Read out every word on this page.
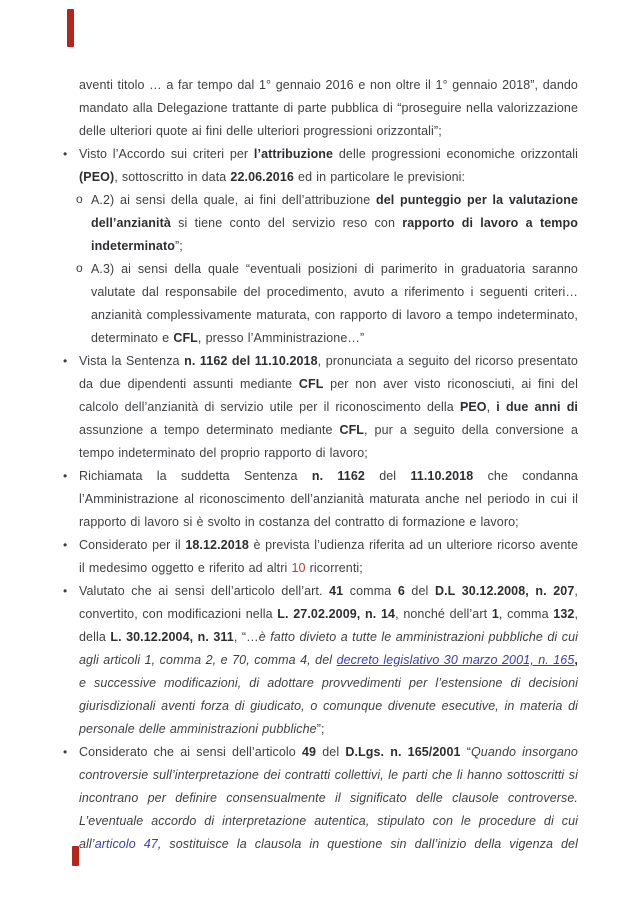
aventi titolo … a far tempo dal 1° gennaio 2016 e non oltre il 1° gennaio 2018”, dando mandato alla Delegazione trattante di parte pubblica di “proseguire nella valorizzazione delle ulteriori quote ai fini delle ulteriori progressioni orizzontali”;
• Visto l’Accordo sui criteri per l’attribuzione delle progressioni economiche orizzontali (PEO), sottoscritto in data 22.06.2016 ed in particolare le previsioni:
o A.2) ai sensi della quale, ai fini dell’attribuzione del punteggio per la valutazione dell’anzianità si tiene conto del servizio reso con rapporto di lavoro a tempo indeterminato”;
o A.3) ai sensi della quale “eventuali posizioni di parimerito in graduatoria saranno valutate dal responsabile del procedimento, avuto a riferimento i seguenti criteri…anzianità complessivamente maturata, con rapporto di lavoro a tempo indeterminato, determinato e CFL, presso l’Amministrazione…”
• Vista la Sentenza n. 1162 del 11.10.2018, pronunciata a seguito del ricorso presentato da due dipendenti assunti mediante CFL per non aver visto riconosciuti, ai fini del calcolo dell’anzianità di servizio utile per il riconoscimento della PEO, i due anni di assunzione a tempo determinato mediante CFL, pur a seguito della conversione a tempo indeterminato del proprio rapporto di lavoro;
• Richiamata la suddetta Sentenza n. 1162 del 11.10.2018 che condanna l’Amministrazione al riconoscimento dell’anzianità maturata anche nel periodo in cui il rapporto di lavoro si è svolto in costanza del contratto di formazione e lavoro;
• Considerato per il 18.12.2018 è prevista l’udienza riferita ad un ulteriore ricorso avente il medesimo oggetto e riferito ad altri 10 ricorrenti;
• Valutato che ai sensi dell’articolo dell’art. 41 comma 6 del D.L 30.12.2008, n. 207, convertito, con modificazioni nella L. 27.02.2009, n. 14, nonché dell’art 1, comma 132, della L. 30.12.2004, n. 311, “…è fatto divieto a tutte le amministrazioni pubbliche di cui agli articoli 1, comma 2, e 70, comma 4, del decreto legislativo 30 marzo 2001, n. 165, e successive modificazioni, di adottare provvedimenti per l’estensione di decisioni giurisdizionali aventi forza di giudicato, o comunque divenute esecutive, in materia di personale delle amministrazioni pubbliche”;
• Considerato che ai sensi dell’articolo 49 del D.Lgs. n. 165/2001 “Quando insorgano controversie sull’interpretazione dei contratti collettivi, le parti che li hanno sottoscritti si incontrano per definire consensualmente il significato delle clausole controverse. L’eventuale accordo di interpretazione autentica, stipulato con le procedure di cui all’articolo 47, sostituisce la clausola in questione sin dall’inizio della vigenza del
